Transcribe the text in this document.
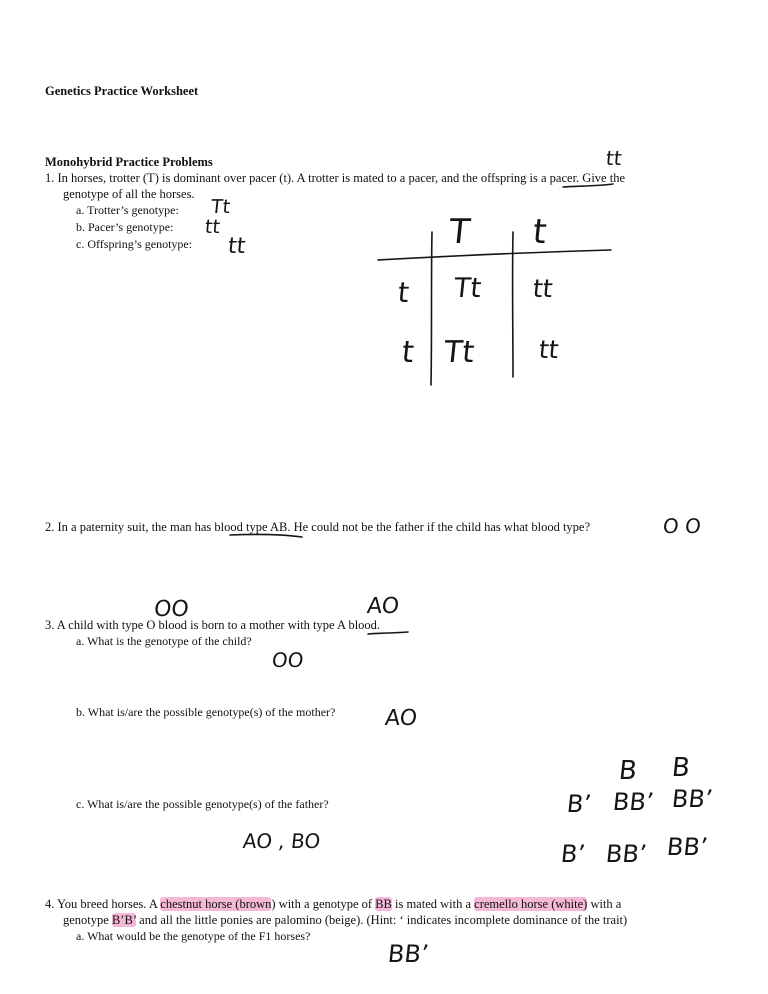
Genetics Practice Worksheet
Monohybrid Practice Problems
1. In horses, trotter (T) is dominant over pacer (t). A trotter is mated to a pacer, and the offspring is a pacer. Give the
genotype of all the horses.
a. Trotter’s genotype:
b. Pacer’s genotype:
c. Offspring’s genotype:
Tt
tt
tt
tt
T t
t
t
Tt tt
Tt tt
2. In a paternity suit, the man has blood type AB. He could not be the father if the child has what blood type?	O O
OO	AO
3. A child with type O blood is born to a mother with type A blood.
a. What is the genotype of the child?
OO
b. What is/are the possible genotype(s) of the mother? AO
c. What is/are the possible genotype(s) of the father?
AO , BO
B B
B’
B’
BB’ BB’
BB’ BB’
4. You breed horses. A chestnut horse (brown) with a genotype of BB is mated with a cremello horse (white) with a
genotype B’B’ and all the little ponies are palomino (beige). (Hint: ‘ indicates incomplete dominance of the trait)
a. What would be the genotype of the F1 horses?
BB’
